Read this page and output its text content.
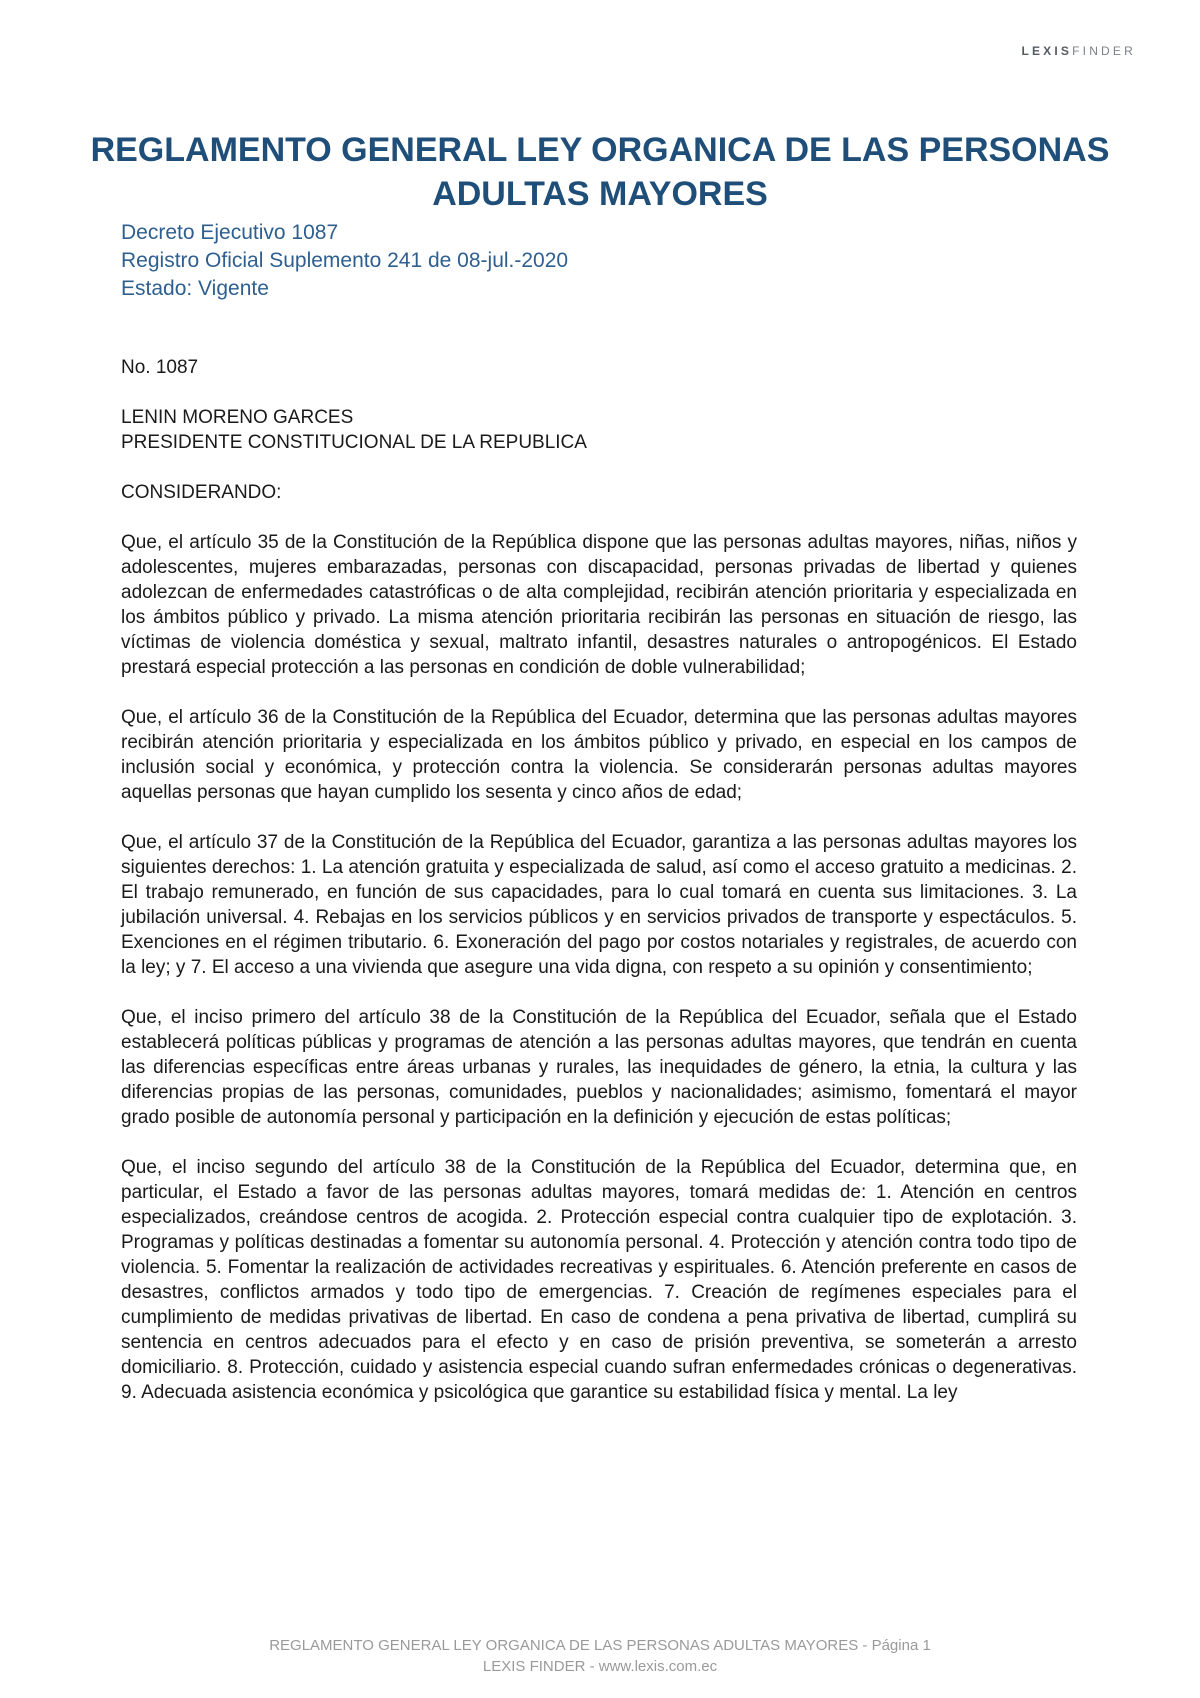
LEXISFINDER
REGLAMENTO GENERAL LEY ORGANICA DE LAS PERSONAS ADULTAS MAYORES
Decreto Ejecutivo 1087
Registro Oficial Suplemento 241 de 08-jul.-2020
Estado: Vigente
No. 1087
LENIN MORENO GARCES
PRESIDENTE CONSTITUCIONAL DE LA REPUBLICA
CONSIDERANDO:

Que, el artículo 35 de la Constitución de la República dispone que las personas adultas mayores, niñas, niños y adolescentes, mujeres embarazadas, personas con discapacidad, personas privadas de libertad y quienes adolezcan de enfermedades catastróficas o de alta complejidad, recibirán atención prioritaria y especializada en los ámbitos público y privado. La misma atención prioritaria recibirán las personas en situación de riesgo, las víctimas de violencia doméstica y sexual, maltrato infantil, desastres naturales o antropogénicos. El Estado prestará especial protección a las personas en condición de doble vulnerabilidad;

Que, el artículo 36 de la Constitución de la República del Ecuador, determina que las personas adultas mayores recibirán atención prioritaria y especializada en los ámbitos público y privado, en especial en los campos de inclusión social y económica, y protección contra la violencia. Se considerarán personas adultas mayores aquellas personas que hayan cumplido los sesenta y cinco años de edad;

Que, el artículo 37 de la Constitución de la República del Ecuador, garantiza a las personas adultas mayores los siguientes derechos: 1. La atención gratuita y especializada de salud, así como el acceso gratuito a medicinas. 2. El trabajo remunerado, en función de sus capacidades, para lo cual tomará en cuenta sus limitaciones. 3. La jubilación universal. 4. Rebajas en los servicios públicos y en servicios privados de transporte y espectáculos. 5. Exenciones en el régimen tributario. 6. Exoneración del pago por costos notariales y registrales, de acuerdo con la ley; y 7. El acceso a una vivienda que asegure una vida digna, con respeto a su opinión y consentimiento;

Que, el inciso primero del artículo 38 de la Constitución de la República del Ecuador, señala que el Estado establecerá políticas públicas y programas de atención a las personas adultas mayores, que tendrán en cuenta las diferencias específicas entre áreas urbanas y rurales, las inequidades de género, la etnia, la cultura y las diferencias propias de las personas, comunidades, pueblos y nacionalidades; asimismo, fomentará el mayor grado posible de autonomía personal y participación en la definición y ejecución de estas políticas;

Que, el inciso segundo del artículo 38 de la Constitución de la República del Ecuador, determina que, en particular, el Estado a favor de las personas adultas mayores, tomará medidas de: 1. Atención en centros especializados, creándose centros de acogida. 2. Protección especial contra cualquier tipo de explotación. 3. Programas y políticas destinadas a fomentar su autonomía personal. 4. Protección y atención contra todo tipo de violencia. 5. Fomentar la realización de actividades recreativas y espirituales. 6. Atención preferente en casos de desastres, conflictos armados y todo tipo de emergencias. 7. Creación de regímenes especiales para el cumplimiento de medidas privativas de libertad. En caso de condena a pena privativa de libertad, cumplirá su sentencia en centros adecuados para el efecto y en caso de prisión preventiva, se someterán a arresto domiciliario. 8. Protección, cuidado y asistencia especial cuando sufran enfermedades crónicas o degenerativas. 9. Adecuada asistencia económica y psicológica que garantice su estabilidad física y mental. La ley

REGLAMENTO GENERAL LEY ORGANICA DE LAS PERSONAS ADULTAS MAYORES - Página 1
LEXIS FINDER - www.lexis.com.ec
